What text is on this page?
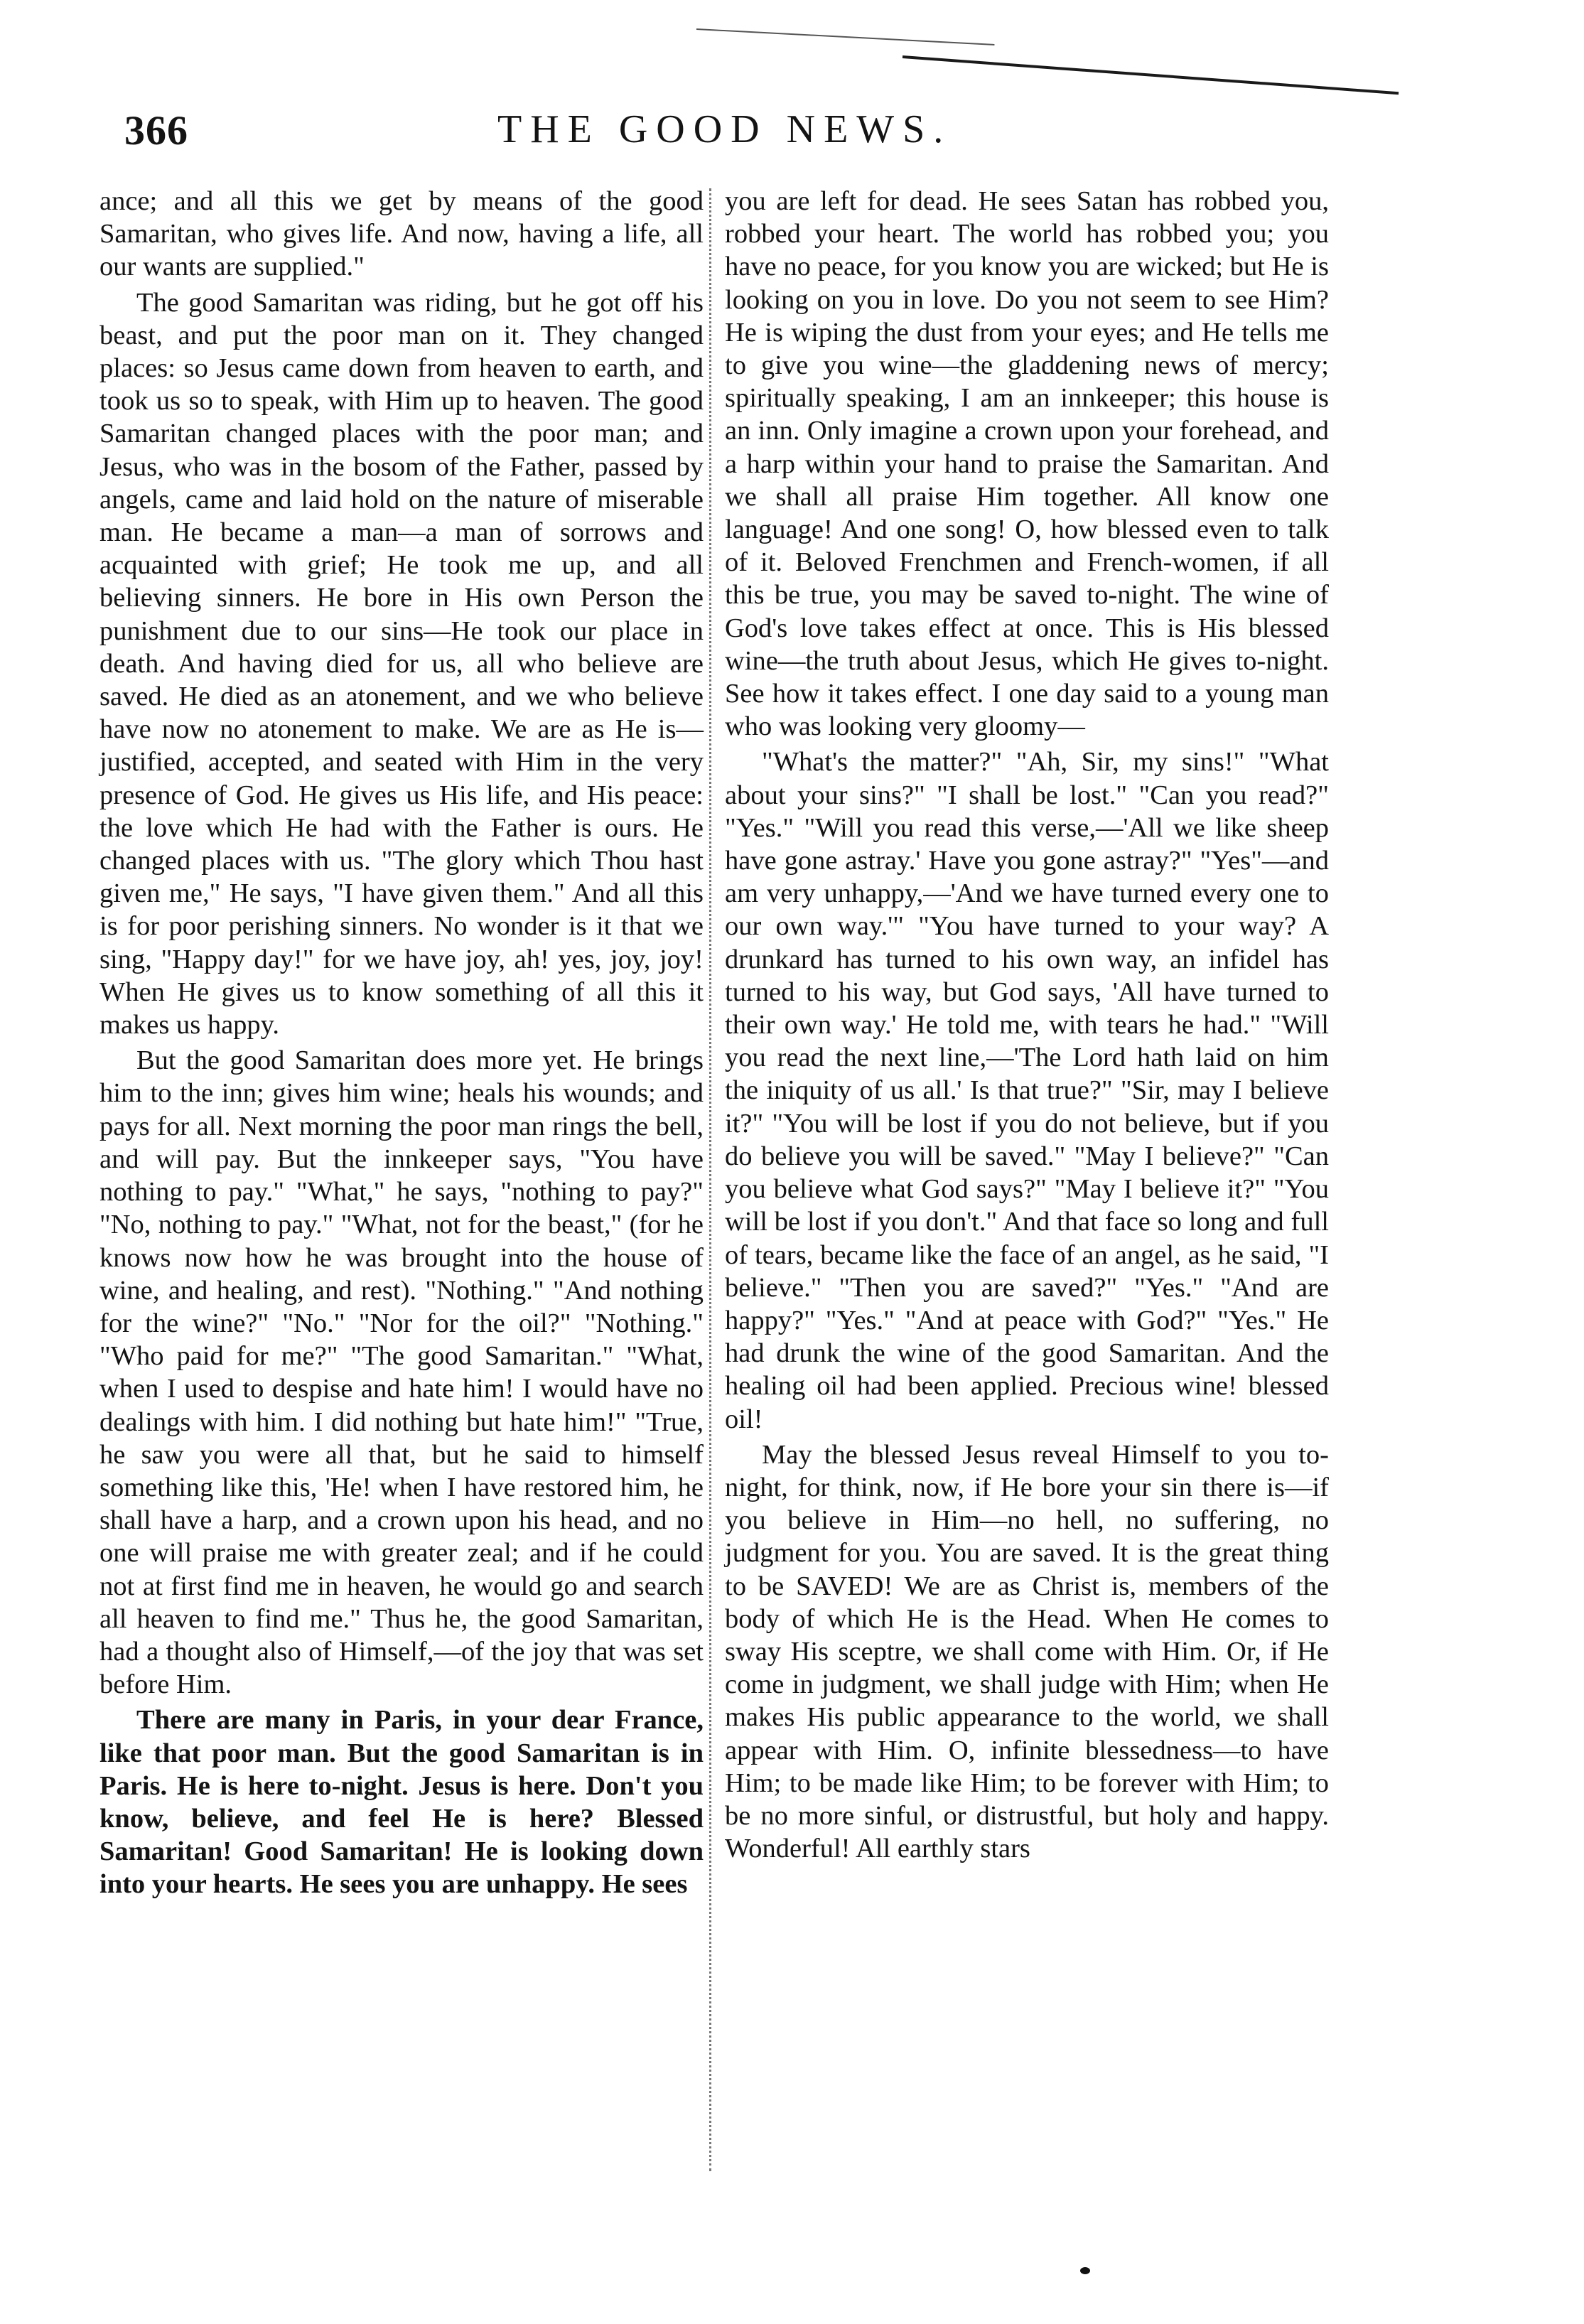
366	THE GOOD NEWS.

ance; and all this we get by means of the good Samaritan, who gives life. And now, having a life, all our wants are supplied."

The good Samaritan was riding, but he got off his beast, and put the poor man on it. They changed places: so Jesus came down from heaven to earth, and took us so to speak, with Him up to heaven. The good Samaritan changed places with the poor man; and Jesus, who was in the bosom of the Father, passed by angels, came and laid hold on the nature of miserable man. He became a man—a man of sorrows and acquainted with grief; He took me up, and all believing sinners. He bore in His own Person the punishment due to our sins—He took our place in death. And having died for us, all who believe are saved. He died as an atonement, and we who believe have now no atonement to make. We are as He is—justified, accepted, and seated with Him in the very presence of God. He gives us His life, and His peace: the love which He had with the Father is ours. He changed places with us. "The glory which Thou hast given me," He says, "I have given them." And all this is for poor perishing sinners. No wonder is it that we sing, "Happy day!" for we have joy, ah! yes, joy, joy! When He gives us to know something of all this it makes us happy.

But the good Samaritan does more yet. He brings him to the inn; gives him wine; heals his wounds; and pays for all. Next morning the poor man rings the bell, and will pay. But the innkeeper says, "You have nothing to pay." "What," he says, "nothing to pay?" "No, nothing to pay." "What, not for the beast," (for he knows now how he was brought into the house of wine, and healing, and rest). "Nothing." "And nothing for the wine?" "No." "Nor for the oil?" "Nothing." "Who paid for me?" "The good Samaritan." "What, when I used to despise and hate him! I would have no dealings with him. I did nothing but hate him!" "True, he saw you were all that, but he said to himself something like this, 'He! when I have restored him, he shall have a harp, and a crown upon his head, and no one will praise me with greater zeal; and if he could not at first find me in heaven, he would go and search all heaven to find me." Thus he, the good Samaritan, had a thought also of Himself,—of the joy that was set before Him.

There are many in Paris, in your dear France, like that poor man. But the good Samaritan is in Paris. He is here to-night. Jesus is here. Don't you know, believe, and feel He is here? Blessed Samaritan! Good Samaritan! He is looking down into your hearts. He sees you are unhappy. He sees

you are left for dead. He sees Satan has robbed you, robbed your heart. The world has robbed you; you have no peace, for you know you are wicked; but He is looking on you in love. Do you not seem to see Him? He is wiping the dust from your eyes; and He tells me to give you wine—the gladdening news of mercy; spiritually speaking, I am an innkeeper; this house is an inn. Only imagine a crown upon your forehead, and a harp within your hand to praise the Samaritan. And we shall all praise Him together. All know one language! And one song! O, how blessed even to talk of it. Beloved Frenchmen and French-women, if all this be true, you may be saved to-night. The wine of God's love takes effect at once. This is His blessed wine—the truth about Jesus, which He gives to-night. See how it takes effect. I one day said to a young man who was looking very gloomy—

"What's the matter?" "Ah, Sir, my sins!" "What about your sins?" "I shall be lost." "Can you read?" "Yes." "Will you read this verse,—'All we like sheep have gone astray.' Have you gone astray?" "Yes"—and am very unhappy,—'And we have turned every one to our own way.'" "You have turned to your way? A drunkard has turned to his own way, an infidel has turned to his way, but God says, 'All have turned to their own way.' He told me, with tears he had." "Will you read the next line,—'The Lord hath laid on him the iniquity of us all.' Is that true?" "Sir, may I believe it?" "You will be lost if you do not believe, but if you do believe you will be saved." "May I believe?" "Can you believe what God says?" "May I believe it?" "You will be lost if you don't." And that face so long and full of tears, became like the face of an angel, as he said, "I believe." "Then you are saved?" "Yes." "And are happy?" "Yes." "And at peace with God?" "Yes." He had drunk the wine of the good Samaritan. And the healing oil had been applied. Precious wine! blessed oil!

May the blessed Jesus reveal Himself to you to-night, for think, now, if He bore your sin there is—if you believe in Him—no hell, no suffering, no judgment for you. You are saved. It is the great thing to be SAVED! We are as Christ is, members of the body of which He is the Head. When He comes to sway His sceptre, we shall come with Him. Or, if He come in judgment, we shall judge with Him; when He makes His public appearance to the world, we shall appear with Him. O, infinite blessedness—to have Him; to be made like Him; to be forever with Him; to be no more sinful, or distrustful, but holy and happy. Wonderful! All earthly stars
